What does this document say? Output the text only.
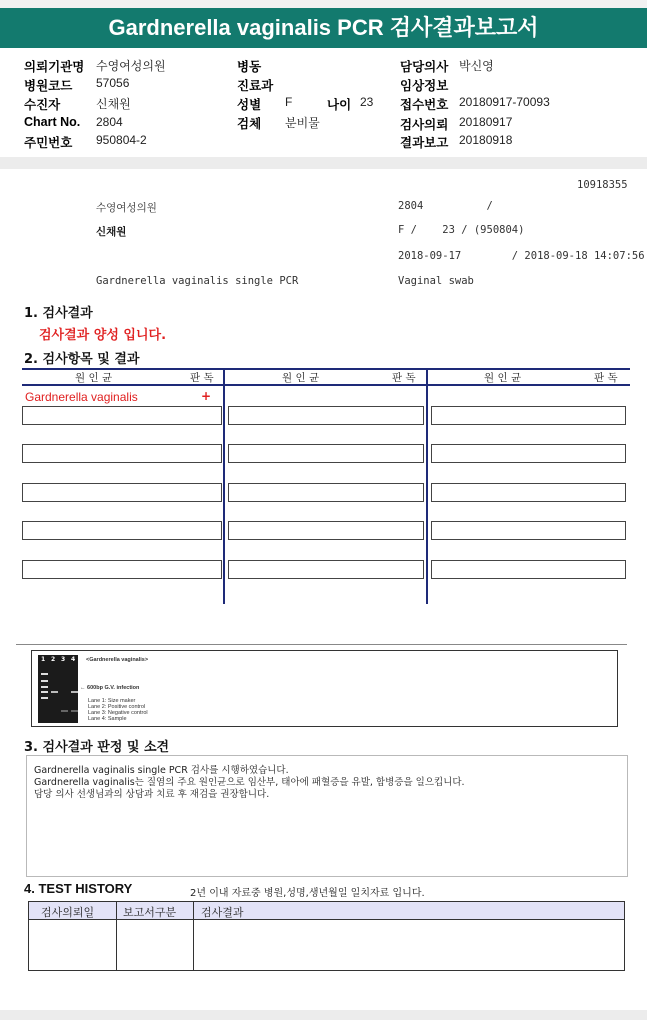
Gardnerella vaginalis PCR 검사결과보고서
의뢰기관명 수영여성의원
병원코드 57056
수진자	신채원
Chart No. 2804
주민번호 950804-2
병동
진료과
성별 F	나이 23
검체 분비물
담당의사 박신영
임상정보
접수번호 20180917-70093
검사의뢰 20180917
결과보고 20180918
10918355
수영여성의원	2804          /
신채원	F /    23 / (950804)
2018-09-17        / 2018-09-18 14:07:56
Gardnerella vaginalis single PCR	Vaginal swab
1. 검사결과
검사결과 양성 입니다.
2. 검사항목 및 결과
원 인 균	판 독	원 인 균	판 독	원 인 균	판 독
Gardnerella vaginalis	+
1 2 3 4 <Gardnerella vaginalis>
← 600bp G.V. infection
Lane 1: Size maker
Lane 2: Positive control
Lane 3: Negative control
Lane 4: Sample
3. 검사결과 판정 및 소견
Gardnerella vaginalis single PCR 검사를 시행하였습니다.
Gardnerella vaginalis는 질염의 주요 원인균으로 임산부, 태아에 패혈증을 유발, 합병증을 일으킵니다.
담당 의사 선생님과의 상담과 치료 후 재검을 권장합니다.
4. TEST HISTORY	2년 이내 자료중 병원,성명,생년월일 일치자료 입니다.
검사의뢰일	보고서구분 검사결과
